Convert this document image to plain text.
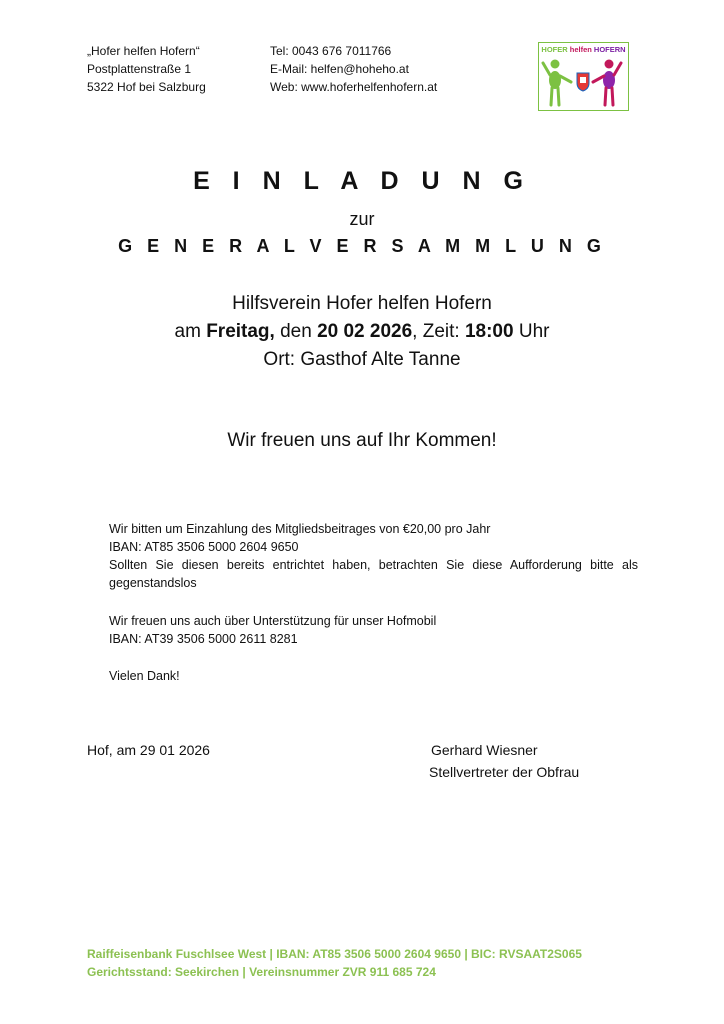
„Hofer helfen Hofern“
Postplattenstraße 1
5322 Hof bei Salzburg
Tel: 0043 676 7011766
E-Mail: helfen@hoheho.at
Web: www.hoferhelfenhofern.at
HOFER helfen HOFERN
E I N L A D U N G
zur
G E N E R A L V E R S A M M L U N G
Hilfsverein Hofer helfen Hofern
am Freitag, den 20 02 2026, Zeit: 18:00 Uhr
Ort: Gasthof Alte Tanne
Wir freuen uns auf Ihr Kommen!

Wir bitten um Einzahlung des Mitgliedsbeitrages von €20,00 pro Jahr

IBAN: AT85 3506 5000 2604 9650

Sollten Sie diesen bereits entrichtet haben, betrachten Sie diese Aufforderung bitte als gegenstandslos

Wir freuen uns auch über Unterstützung für unser Hofmobil

IBAN: AT39 3506 5000 2611 8281

Vielen Dank!
Hof, am 29 01 2026	Gerhard Wiesner
Stellvertreter der Obfrau
Raiffeisenbank Fuschlsee West | IBAN: AT85 3506 5000 2604 9650 | BIC: RVSAAT2S065
Gerichtsstand: Seekirchen | Vereinsnummer ZVR 911 685 724
